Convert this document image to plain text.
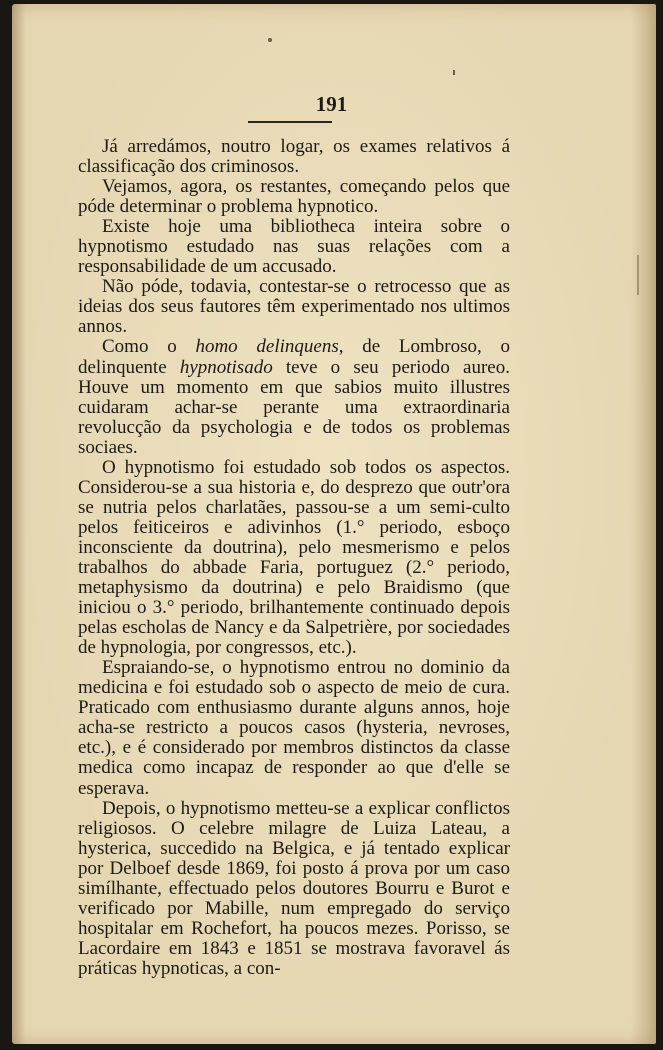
191

Já arredámos, noutro logar, os exames relativos á classificação dos criminosos.

Vejamos, agora, os restantes, começando pelos que póde determinar o problema hypnotico.

Existe hoje uma bibliotheca inteira sobre o hypnotismo estudado nas suas relações com a responsabilidade de um accusado.

Não póde, todavia, contestar-se o retrocesso que as ideias dos seus fautores têm experimentado nos ultimos annos.

Como o homo delinquens, de Lombroso, o delinquente hypnotisado teve o seu periodo aureo. Houve um momento em que sabios muito illustres cuidaram achar-se perante uma extraordinaria revolucção da psychologia e de todos os problemas sociaes.

O hypnotismo foi estudado sob todos os aspectos. Considerou-se a sua historia e, do desprezo que outr'ora se nutria pelos charlatães, passou-se a um semi-culto pelos feiticeiros e adivinhos (1.° periodo, esboço inconsciente da doutrina), pelo mesmerismo e pelos trabalhos do abbade Faria, portuguez (2.° periodo, metaphysismo da doutrina) e pelo Braidismo (que iniciou o 3.° periodo, brilhantemente continuado depois pelas escholas de Nancy e da Salpetrière, por sociedades de hypnologia, por congressos, etc.).

Espraiando-se, o hypnotismo entrou no dominio da medicina e foi estudado sob o aspecto de meio de cura. Praticado com enthusiasmo durante alguns annos, hoje acha-se restricto a poucos casos (hysteria, nevroses, etc.), e é considerado por membros distinctos da classe medica como incapaz de responder ao que d'elle se esperava.

Depois, o hypnotismo metteu-se a explicar conflictos religiosos. O celebre milagre de Luiza Lateau, a hysterica, succedido na Belgica, e já tentado explicar por Delboef desde 1869, foi posto á prova por um caso simílhante, effectuado pelos doutores Bourru e Burot e verificado por Mabille, num empregado do serviço hospitalar em Rochefort, ha poucos mezes. Porisso, se Lacordaire em 1843 e 1851 se mostrava favoravel ás práticas hypnoticas, a con-
